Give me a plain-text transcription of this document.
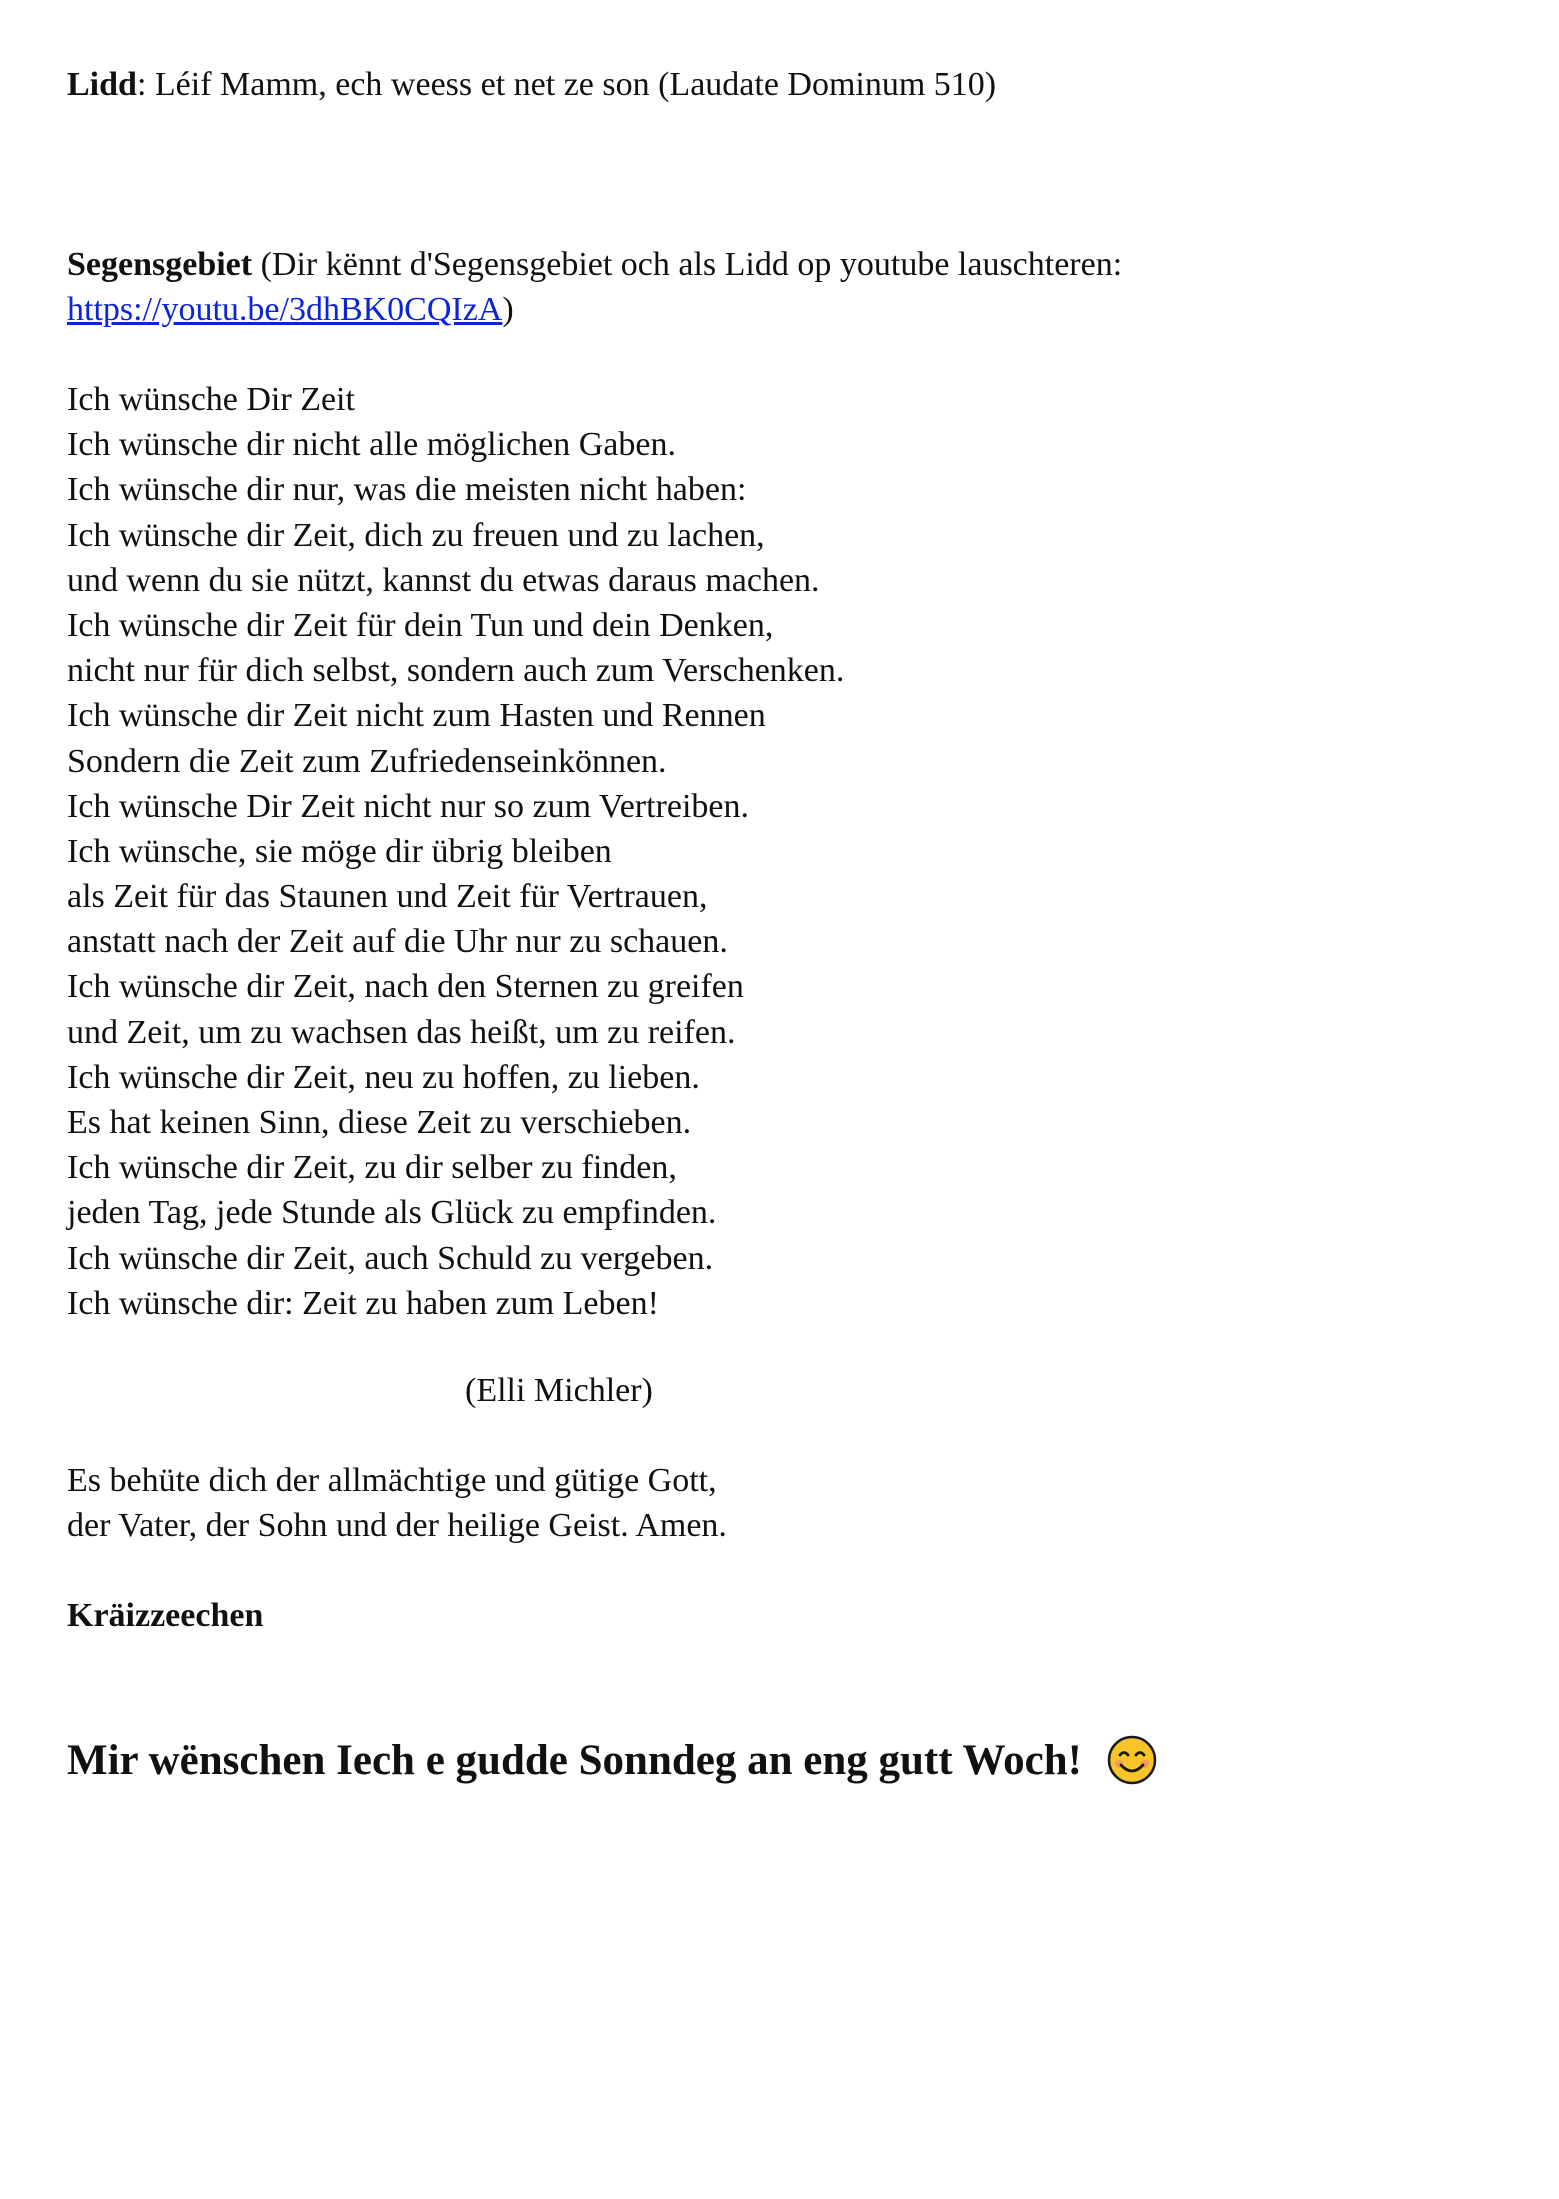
Lidd: Léif Mamm, ech weess et net ze son (Laudate Dominum 510)
Segensgebiet (Dir kënnt d'Segensgebiet och als Lidd op youtube lauschteren:
https://youtu.be/3dhBK0CQIzA)
Ich wünsche Dir Zeit
Ich wünsche dir nicht alle möglichen Gaben.
Ich wünsche dir nur, was die meisten nicht haben:
Ich wünsche dir Zeit, dich zu freuen und zu lachen,
und wenn du sie nützt, kannst du etwas daraus machen.
Ich wünsche dir Zeit für dein Tun und dein Denken,
nicht nur für dich selbst, sondern auch zum Verschenken.
Ich wünsche dir Zeit nicht zum Hasten und Rennen
Sondern die Zeit zum Zufriedenseinkönnen.
Ich wünsche Dir Zeit nicht nur so zum Vertreiben.
Ich wünsche, sie möge dir übrig bleiben
als Zeit für das Staunen und Zeit für Vertrauen,
anstatt nach der Zeit auf die Uhr nur zu schauen.
Ich wünsche dir Zeit, nach den Sternen zu greifen
und Zeit, um zu wachsen das heißt, um zu reifen.
Ich wünsche dir Zeit, neu zu hoffen, zu lieben.
Es hat keinen Sinn, diese Zeit zu verschieben.
Ich wünsche dir Zeit, zu dir selber zu finden,
jeden Tag, jede Stunde als Glück zu empfinden.
Ich wünsche dir Zeit, auch Schuld zu vergeben.
Ich wünsche dir: Zeit zu haben zum Leben!
(Elli Michler)
Es behüte dich der allmächtige und gütige Gott,
der Vater, der Sohn und der heilige Geist. Amen.
Kräizzeechen
Mir wënschen Iech e gudde Sonndeg an eng gutt Woch!
